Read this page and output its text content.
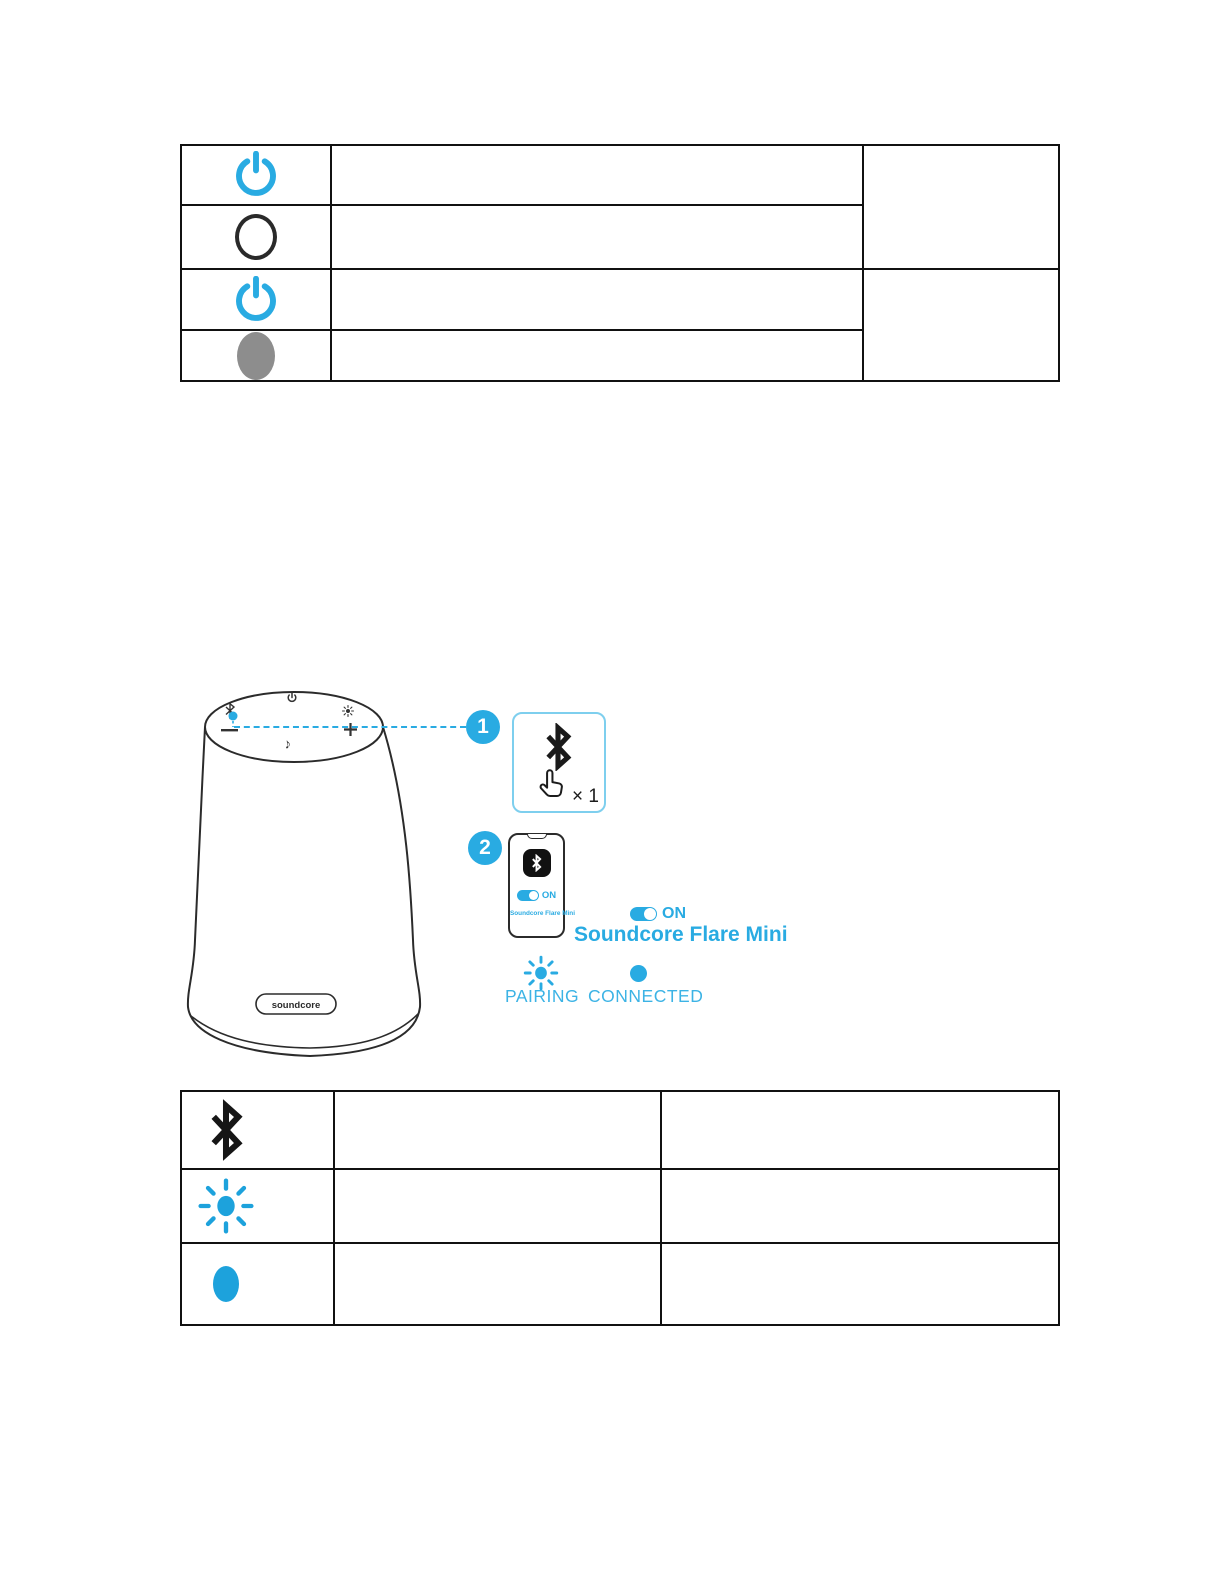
♪
soundcore
1
× 1
2
ON
Soundcore Flare Mini	ON
Soundcore Flare Mini
PAIRING CONNECTED
